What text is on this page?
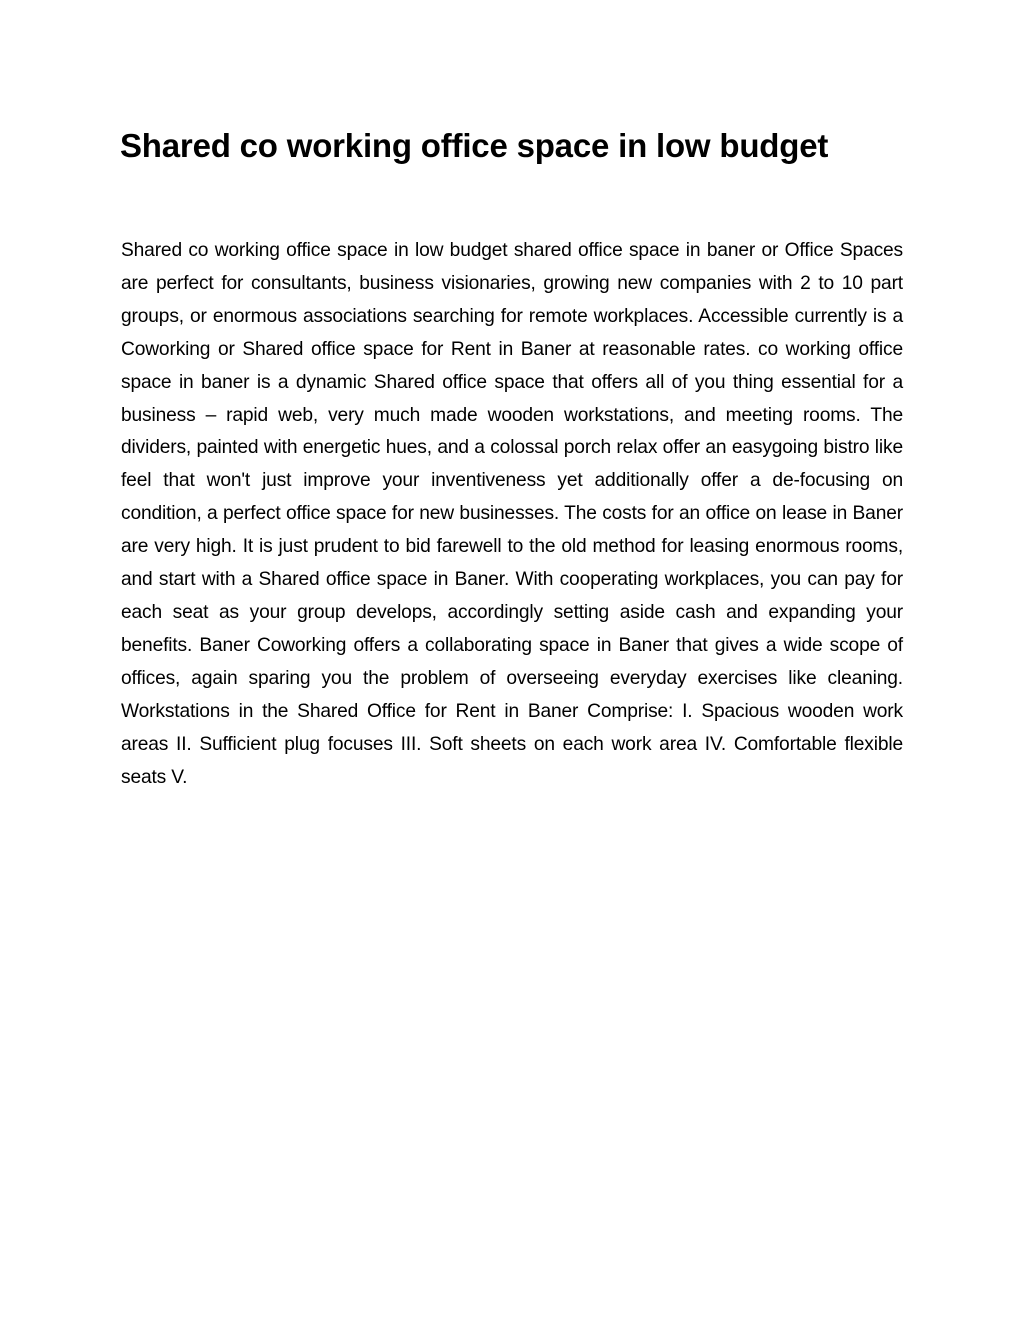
Shared co working office space in low budget

Shared co working office space in low budget shared office space in baner or Office Spaces are perfect for consultants, business visionaries, growing new companies with 2 to 10 part groups, or enormous associations searching for remote workplaces. Accessible currently is a Coworking or Shared office space for Rent in Baner at reasonable rates. co working office space in baner is a dynamic Shared office space that offers all of you thing essential for a business – rapid web, very much made wooden workstations, and meeting rooms. The dividers, painted with energetic hues, and a colossal porch relax offer an easygoing bistro like feel that won't just improve your inventiveness yet additionally offer a de-focusing on condition, a perfect office space for new businesses. The costs for an office on lease in Baner are very high. It is just prudent to bid farewell to the old method for leasing enormous rooms, and start with a Shared office space in Baner. With cooperating workplaces, you can pay for each seat as your group develops, accordingly setting aside cash and expanding your benefits. Baner Coworking offers a collaborating space in Baner that gives a wide scope of offices, again sparing you the problem of overseeing everyday exercises like cleaning. Workstations in the Shared Office for Rent in Baner Comprise: I. Spacious wooden work areas II. Sufficient plug focuses III. Soft sheets on each work area IV. Comfortable flexible seats V.
